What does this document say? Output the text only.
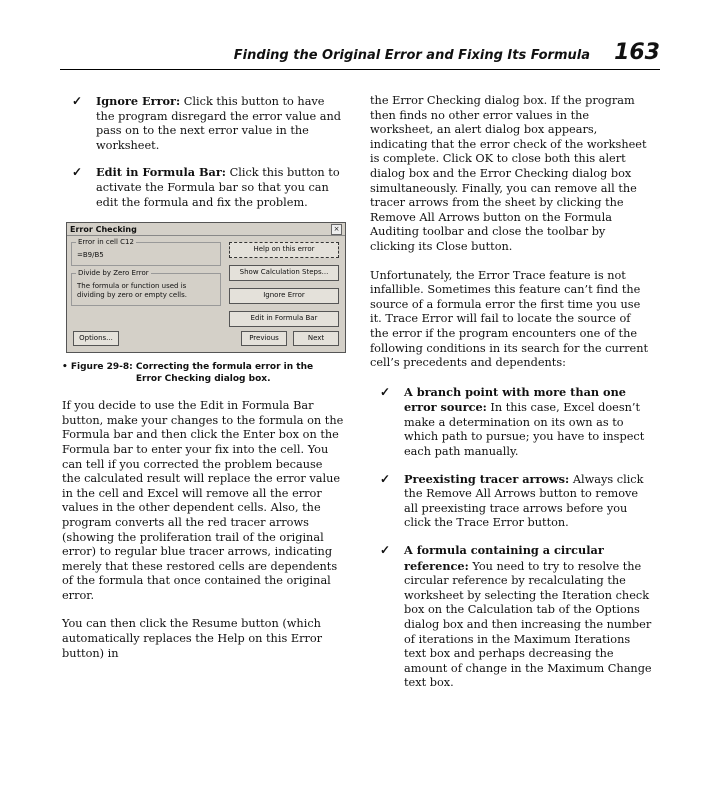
Finding the Original Error and Fixing Its Formula 163
✓ Ignore Error: Click this button to have the program disregard the error value and pass on to the next error value in the worksheet.
✓ Edit in Formula Bar: Click this button to activate the Formula bar so that you can edit the formula and fix the problem.
Error Checking	×
Error in cell C12
=B9/B5
Divide by Zero Error
The formula or function used is dividing by zero or empty cells.
Help on this error
Show Calculation Steps...
Ignore Error
Edit in Formula Bar
Options...	Previous	Next
• Figure 29-8: Correcting the formula error in the Error Checking dialog box.

If you decide to use the Edit in Formula Bar button, make your changes to the formula on the Formula bar and then click the Enter box on the Formula bar to enter your fix into the cell. You can tell if you corrected the problem because the calculated result will replace the error value in the cell and Excel will remove all the error values in the other dependent cells. Also, the program converts all the red tracer arrows (showing the proliferation trail of the original error) to regular blue tracer arrows, indicating merely that these restored cells are dependents of the formula that once contained the original error.

You can then click the Resume button (which automatically replaces the Help on this Error button) in

the Error Checking dialog box. If the program then finds no other error values in the worksheet, an alert dialog box appears, indicating that the error check of the worksheet is complete. Click OK to close both this alert dialog box and the Error Checking dialog box simultaneously. Finally, you can remove all the tracer arrows from the sheet by clicking the Remove All Arrows button on the Formula Auditing toolbar and close the toolbar by clicking its Close button.

Unfortunately, the Error Trace feature is not infallible. Sometimes this feature can’t find the source of a formula error the first time you use it. Trace Error will fail to locate the source of the error if the program encounters one of the following conditions in its search for the current cell’s precedents and dependents:

✓ A branch point with more than one error source: In this case, Excel doesn’t make a determination on its own as to which path to pursue; you have to inspect each path manually.
✓ Preexisting tracer arrows: Always click the Remove All Arrows button to remove all preexisting trace arrows before you click the Trace Error button.
✓ A formula containing a circular reference: You need to try to resolve the circular reference by recalculating the worksheet by selecting the Iteration check box on the Calculation tab of the Options dialog box and then increasing the number of iterations in the Maximum Iterations text box and perhaps decreasing the amount of change in the Maximum Change text box.
